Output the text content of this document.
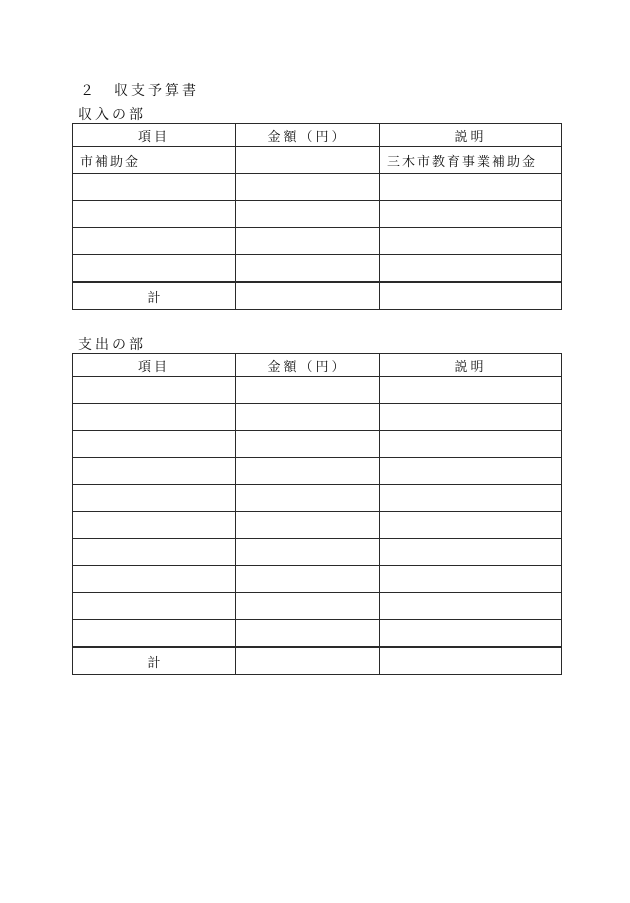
２　収支予算書
収入の部
項目	金額（円）	説明
市補助金		三木市教育事業補助金

計		
支出の部
項目	金額（円）	説明

計		
